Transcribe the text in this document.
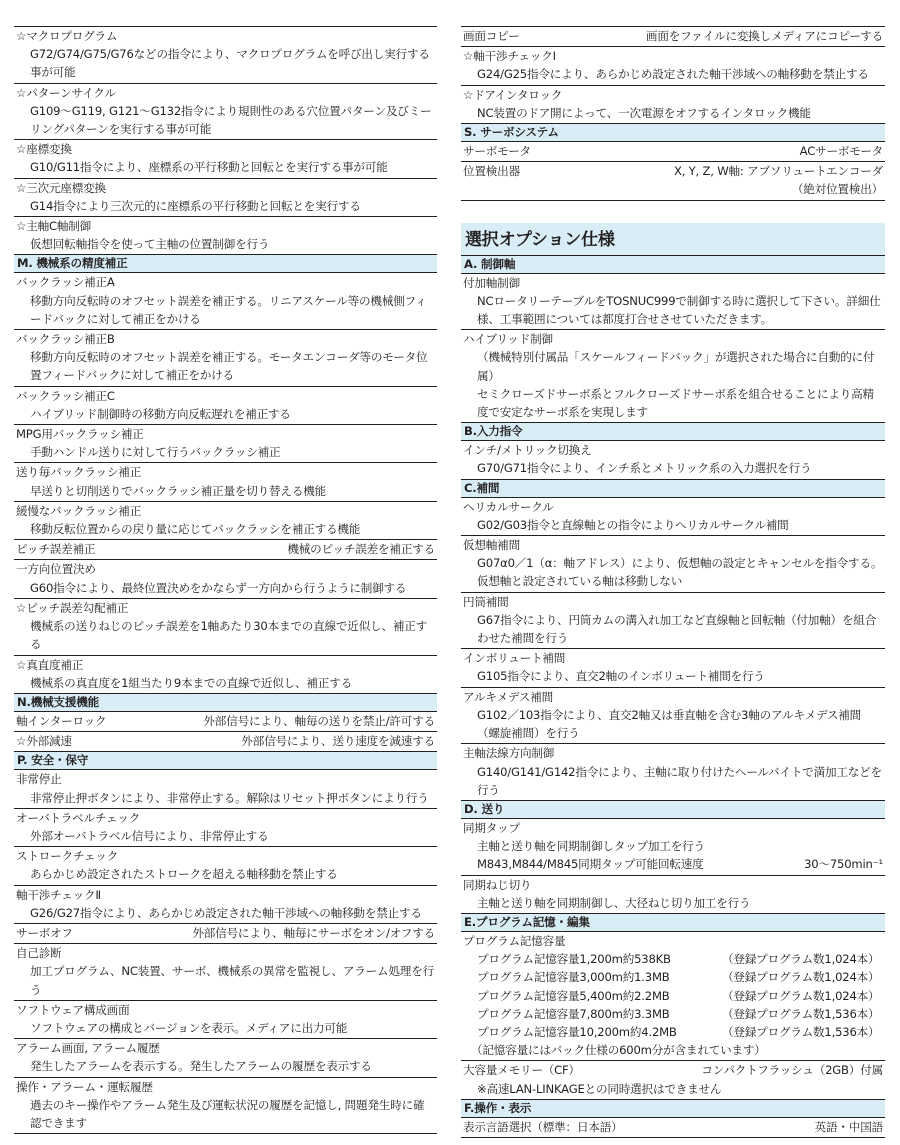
☆マクロプログラム
G72/G74/G75/G76などの指令により、マクロプログラムを呼び出し実行する事が可能
☆パターンサイクル
G109～G119, G121～G132指令により規則性のある穴位置パターン及びミーリングパターンを実行する事が可能
☆座標変換
G10/G11指令により、座標系の平行移動と回転とを実行する事が可能
☆三次元座標変換
G14指令により三次元的に座標系の平行移動と回転とを実行する
☆主軸C軸制御
仮想回転軸指令を使って主軸の位置制御を行う
M. 機械系の精度補正
バックラッシ補正A
移動方向反転時のオフセット誤差を補正する。リニアスケール等の機械側フィードバックに対して補正をかける
バックラッシ補正B
移動方向反転時のオフセット誤差を補正する。モータエンコーダ等のモータ位置フィードバックに対して補正をかける
バックラッシ補正C
ハイブリッド制御時の移動方向反転遅れを補正する
MPG用バックラッシ補正
手動ハンドル送りに対して行うバックラッシ補正
送り毎バックラッシ補正
早送りと切削送りでバックラッシ補正量を切り替える機能
緩慢なバックラッシ補正
移動反転位置からの戻り量に応じてバックラッシを補正する機能
ピッチ誤差補正	機械のピッチ誤差を補正する
一方向位置決め
G60指令により、最終位置決めをかならず一方向から行うように制御する
☆ピッチ誤差勾配補正
機械系の送りねじのピッチ誤差を1軸あたり30本までの直線で近似し、補正する
☆真直度補正
機械系の真直度を1組当たり9本までの直線で近似し、補正する
N.機械支援機能
軸インターロック	外部信号により、軸毎の送りを禁止/許可する
☆外部減速	外部信号により、送り速度を減速する
P. 安全・保守
非常停止
非常停止押ボタンにより、非常停止する。解除はリセット押ボタンにより行う
オーバトラベルチェック
外部オーバトラベル信号により、非常停止する
ストロークチェック
あらかじめ設定されたストロークを超える軸移動を禁止する
軸干渉チェックⅡ
G26/G27指令により、あらかじめ設定された軸干渉域への軸移動を禁止する
サーボオフ	外部信号により、軸毎にサーボをオン/オフする
自己診断
加工プログラム、NC装置、サーボ、機械系の異常を監視し、アラーム処理を行う
ソフトウェア構成画面
ソフトウェアの構成とバージョンを表示。メディアに出力可能
アラーム画面, アラーム履歴
発生したアラームを表示する。発生したアラームの履歴を表示する
操作・アラーム・運転履歴
過去のキー操作やアラーム発生及び運転状況の履歴を記憶し, 問題発生時に確認できます
画面コピー	画面をファイルに変換しメディアにコピーする
☆軸干渉チェックⅠ
G24/G25指令により、あらかじめ設定された軸干渉域への軸移動を禁止する
☆ドアインタロック
NC装置のドア開によって、一次電源をオフするインタロック機能
S. サーボシステム
サーボモータ	ACサーボモータ
位置検出器	X, Y, Z, W軸: アブソリュートエンコーダ
（絶対位置検出）
選択オプション仕様
A. 制御軸
付加軸制御
NCロータリーテーブルをTOSNUC999で制御する時に選択して下さい。詳細仕様、工事範囲については都度打合せさせていただきます。
ハイブリッド制御
（機械特別付属品「スケールフィードバック」が選択された場合に自動的に付属）
セミクローズドサーボ系とフルクローズドサーボ系を組合せることにより高精度で安定なサーボ系を実現します
B.入力指令
インチ/メトリック切換え
G70/G71指令により、インチ系とメトリック系の入力選択を行う
C.補間
ヘリカルサークル
G02/G03指令と直線軸との指令によりヘリカルサークル補間
仮想軸補間
G07α0／1（α：軸アドレス）により、仮想軸の設定とキャンセルを指令する。仮想軸と設定されている軸は移動しない
円筒補間
G67指令により、円筒カムの溝入れ加工など直線軸と回転軸（付加軸）を組合わせた補間を行う
インボリュート補間
G105指令により、直交2軸のインボリュート補間を行う
アルキメデス補間
G102／103指令により、直交2軸又は垂直軸を含む3軸のアルキメデス補間（螺旋補間）を行う
主軸法線方向制御
G140/G141/G142指令により、主軸に取り付けたヘールバイトで満加工などを行う
D. 送り
同期タップ
主軸と送り軸を同期制御しタップ加工を行う
M843,M844/M845同期タップ可能回転速度	30～750min⁻¹
同期ねじ切り
主軸と送り軸を同期制御し、大径ねじ切り加工を行う
E.プログラム記憶・編集
プログラム記憶容量
プログラム記憶容量1,200m約538KB	（登録プログラム数1,024本）
プログラム記憶容量3,000m約1.3MB	（登録プログラム数1,024本）
プログラム記憶容量5,400m約2.2MB	（登録プログラム数1,024本）
プログラム記憶容量7,800m約3.3MB	（登録プログラム数1,536本）
プログラム記憶容量10,200m約4.2MB	（登録プログラム数1,536本）
（記憶容量にはバック仕様の600m分が含まれています）
大容量メモリー（CF）	コンパクトフラッシュ（2GB）付属
※高速LAN-LINKAGEとの同時選択はできません
F.操作・表示
表示言語選択（標準：日本語）	英語・中国語
